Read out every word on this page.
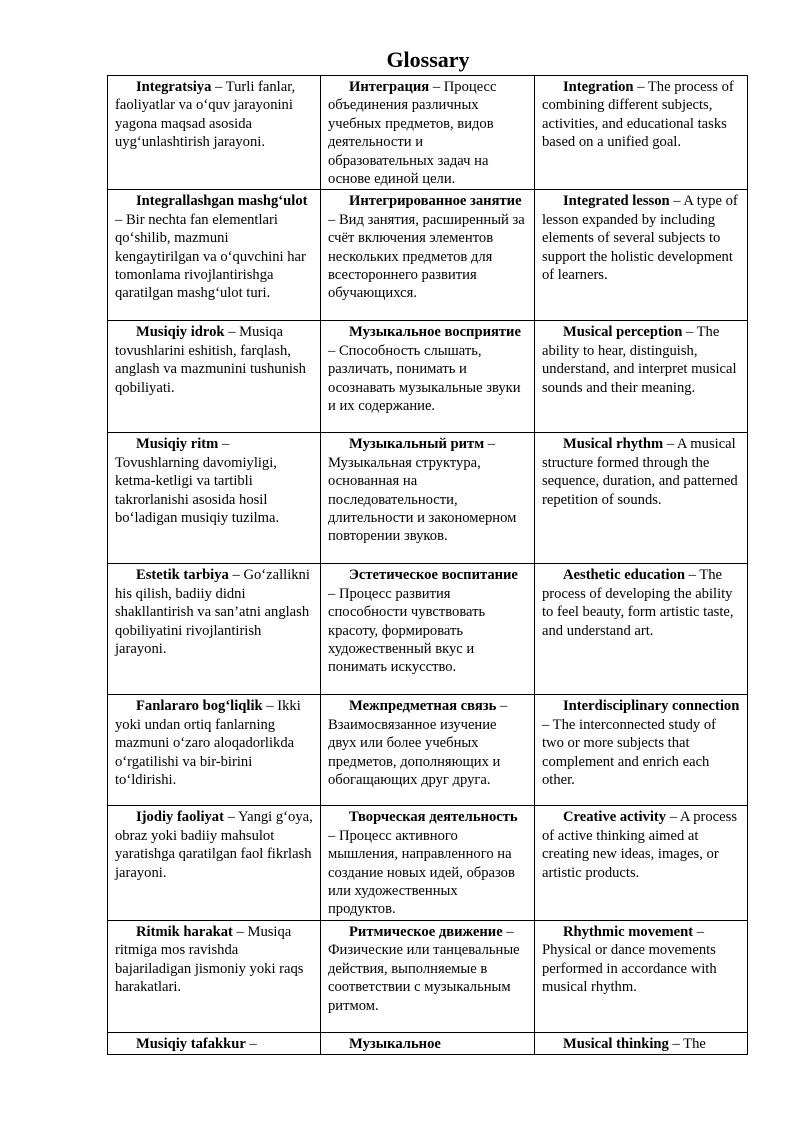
Glossary
Integratsiya – Turli fanlar, faoliyatlar va o‘quv jarayonini yagona maqsad asosida uyg‘unlashtirish jarayoni.	Интеграция – Процесс объединения различных учебных предметов, видов деятельности и образовательных задач на основе единой цели.	Integration – The process of combining different subjects, activities, and educational tasks based on a unified goal.

Integrallashgan mashg‘ulot – Bir nechta fan elementlari qo‘shilib, mazmuni kengaytirilgan va o‘quvchini har tomonlama rivojlantirishga qaratilgan mashg‘ulot turi.	Интегрированное занятие – Вид занятия, расширенный за счёт включения элементов нескольких предметов для всестороннего развития обучающихся.	Integrated lesson – A type of lesson expanded by including elements of several subjects to support the holistic development of learners.

Musiqiy idrok – Musiqa tovushlarini eshitish, farqlash, anglash va mazmunini tushunish qobiliyati.	Музыкальное восприятие – Способность слышать, различать, понимать и осознавать музыкальные звуки и их содержание.	Musical perception – The ability to hear, distinguish, understand, and interpret musical sounds and their meaning.

Musiqiy ritm – Tovushlarning davomiyligi, ketma-ketligi va tartibli takrorlanishi asosida hosil bo‘ladigan musiqiy tuzilma.	Музыкальный ритм – Музыкальная структура, основанная на последовательности, длительности и закономерном повторении звуков.	Musical rhythm – A musical structure formed through the sequence, duration, and patterned repetition of sounds.

Estetik tarbiya – Go‘zallikni his qilish, badiiy didni shakllantirish va san’atni anglash qobiliyatini rivojlantirish jarayoni.	Эстетическое воспитание – Процесс развития способности чувствовать красоту, формировать художественный вкус и понимать искусство.	Aesthetic education – The process of developing the ability to feel beauty, form artistic taste, and understand art.

Fanlararo bog‘liqlik – Ikki yoki undan ortiq fanlarning mazmuni o‘zaro aloqadorlikda o‘rgatilishi va bir-birini to‘ldirishi.	Межпредметная связь – Взаимосвязанное изучение двух или более учебных предметов, дополняющих и обогащающих друг друга.	Interdisciplinary connection – The interconnected study of two or more subjects that complement and enrich each other.

Ijodiy faoliyat – Yangi g‘oya, obraz yoki badiiy mahsulot yaratishga qaratilgan faol fikrlash jarayoni.	Творческая деятельность – Процесс активного мышления, направленного на создание новых идей, образов или художественных продуктов.	Creative activity – A process of active thinking aimed at creating new ideas, images, or artistic products.

Ritmik harakat – Musiqa ritmiga mos ravishda bajariladigan jismoniy yoki raqs harakatlari.	Ритмическое движение – Физические или танцевальные действия, выполняемые в соответствии с музыкальным ритмом.	Rhythmic movement – Physical or dance movements performed in accordance with musical rhythm.

Musiqiy tafakkur –	Музыкальное	Musical thinking – The
